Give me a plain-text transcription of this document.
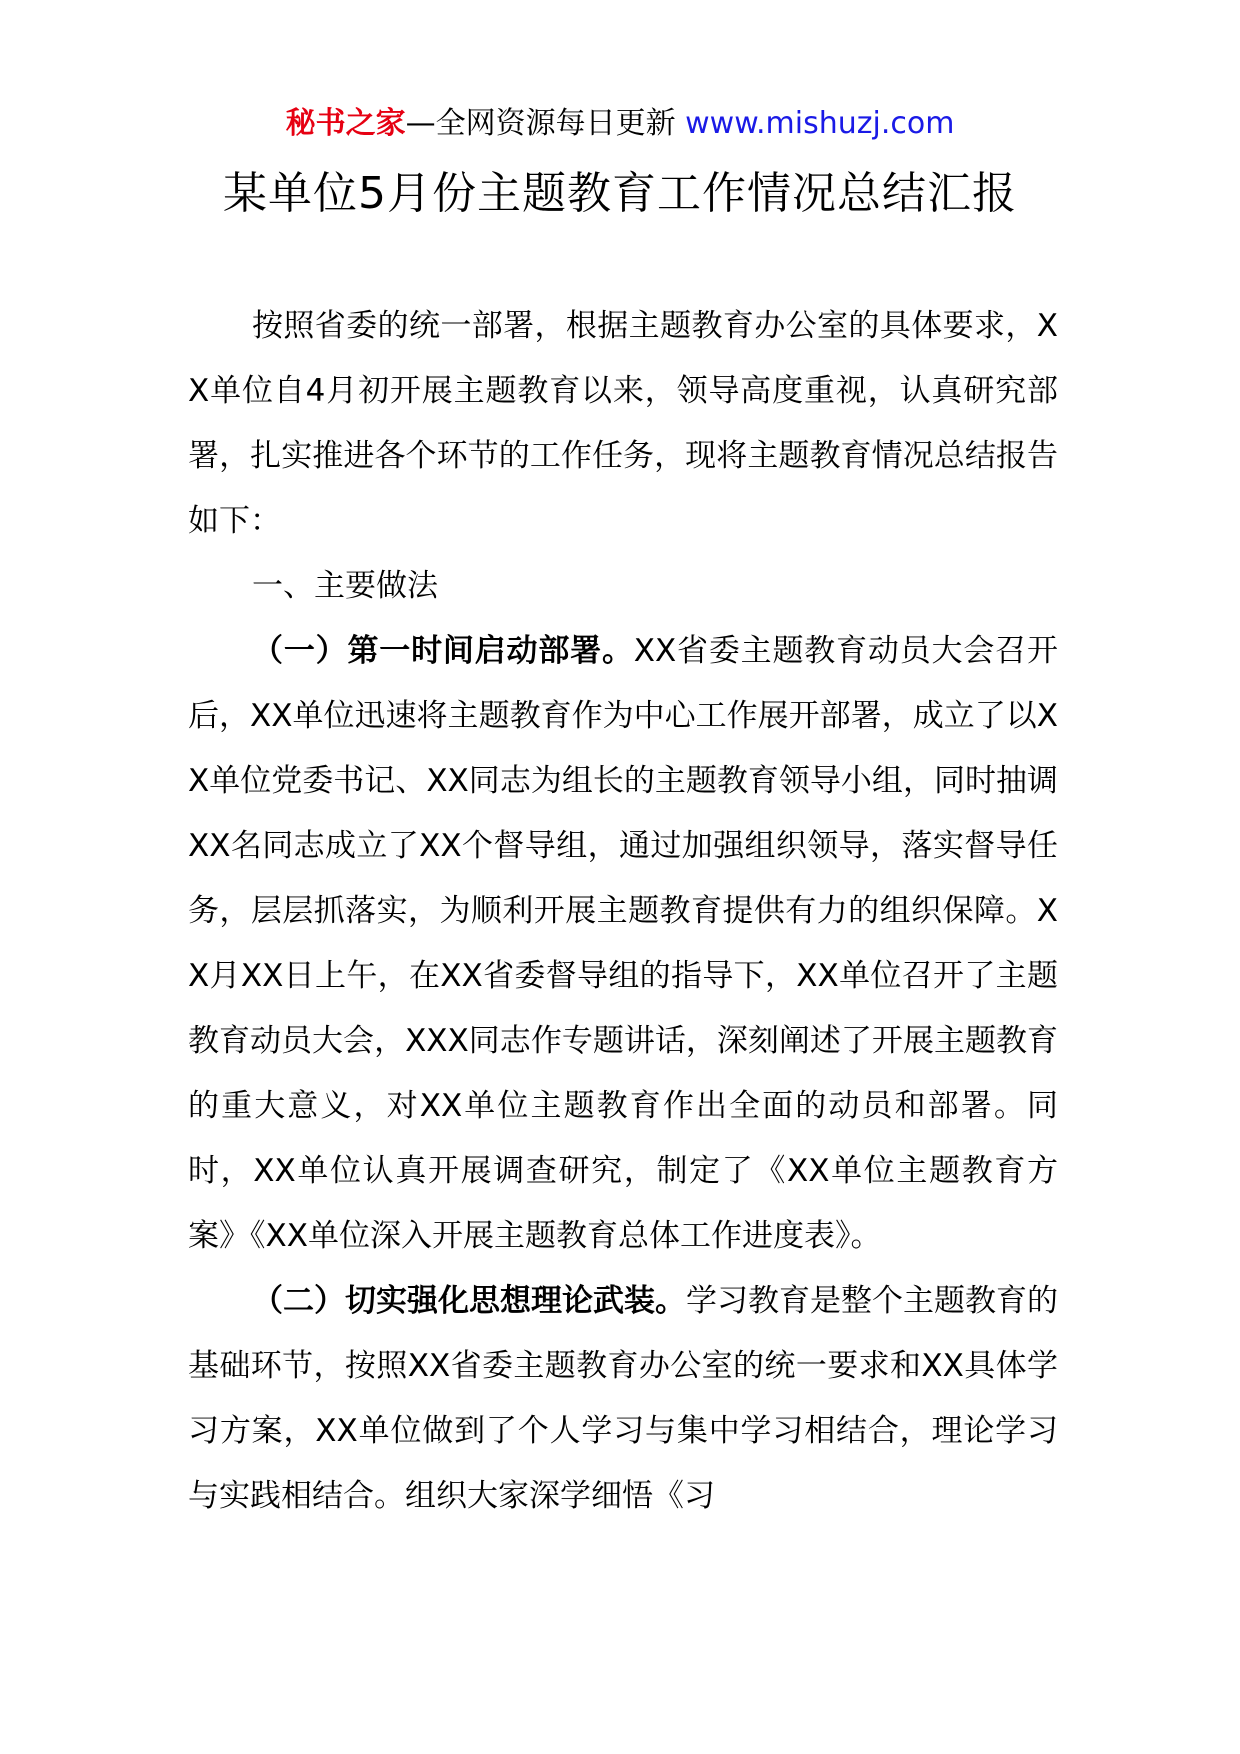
秘书之家—全网资源每日更新 www.mishuzj.com
某单位5月份主题教育工作情况总结汇报

按照省委的统一部署，根据主题教育办公室的具体要求，XX单位自4月初开展主题教育以来，领导高度重视，认真研究部署，扎实推进各个环节的工作任务，现将主题教育情况总结报告如下：

一、主要做法

（一）第一时间启动部署。XX省委主题教育动员大会召开后，XX单位迅速将主题教育作为中心工作展开部署，成立了以XX单位党委书记、XX同志为组长的主题教育领导小组，同时抽调XX名同志成立了XX个督导组，通过加强组织领导，落实督导任务，层层抓落实，为顺利开展主题教育提供有力的组织保障。XX月XX日上午，在XX省委督导组的指导下，XX单位召开了主题教育动员大会，XXX同志作专题讲话，深刻阐述了开展主题教育的重大意义，对XX单位主题教育作出全面的动员和部署。同时，XX单位认真开展调查研究，制定了《XX单位主题教育方案》《XX单位深入开展主题教育总体工作进度表》。

（二）切实强化思想理论武装。学习教育是整个主题教育的基础环节，按照XX省委主题教育办公室的统一要求和XX具体学习方案，XX单位做到了个人学习与集中学习相结合，理论学习与实践相结合。组织大家深学细悟《习
